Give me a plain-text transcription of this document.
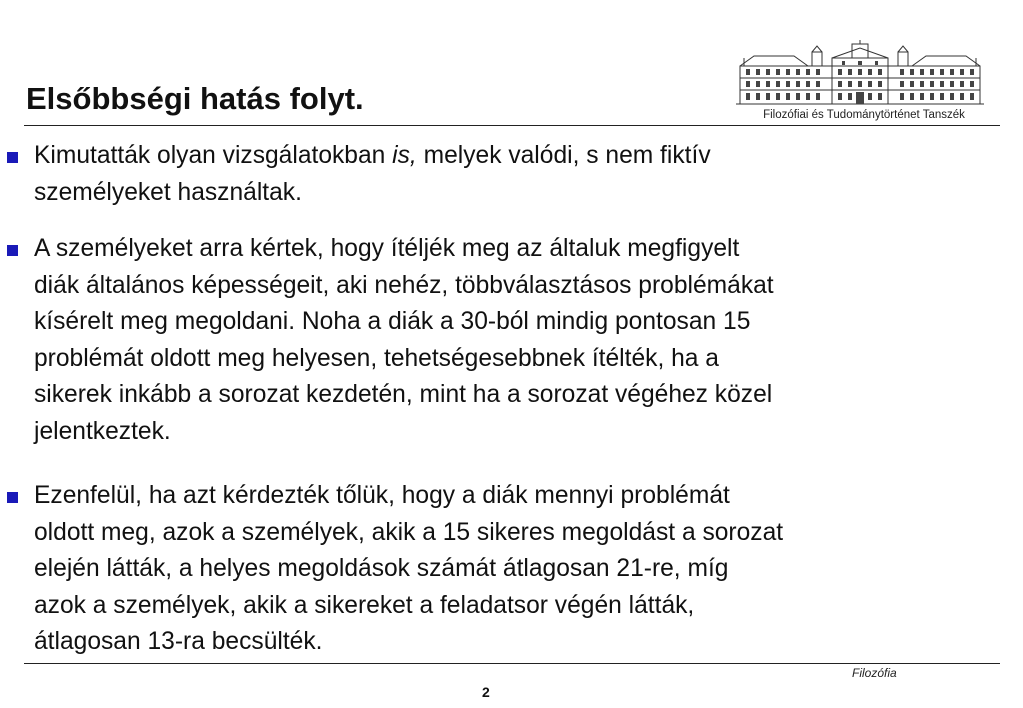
Elsőbbségi hatás folyt.	Filozófiai és Tudománytörténet Tanszék
Kimutatták olyan vizsgálatokban is, melyek valódi, s nem fiktív
személyeket használtak.
A személyeket arra kértek, hogy ítéljék meg az általuk megfigyelt
diák általános képességeit, aki nehéz, többválasztásos problémákat
kísérelt meg megoldani. Noha a diák a 30-ból mindig pontosan 15
problémát oldott meg helyesen, tehetségesebbnek ítélték, ha a
sikerek inkább a sorozat kezdetén, mint ha a sorozat végéhez közel
jelentkeztek.
Ezenfelül, ha azt kérdezték tőlük, hogy a diák mennyi problémát
oldott meg, azok a személyek, akik a 15 sikeres megoldást a sorozat
elején látták, a helyes megoldások számát átlagosan 21-re, míg
azok a személyek, akik a sikereket a feladatsor végén látták,
átlagosan 13-ra becsülték.
Filozófia
2
